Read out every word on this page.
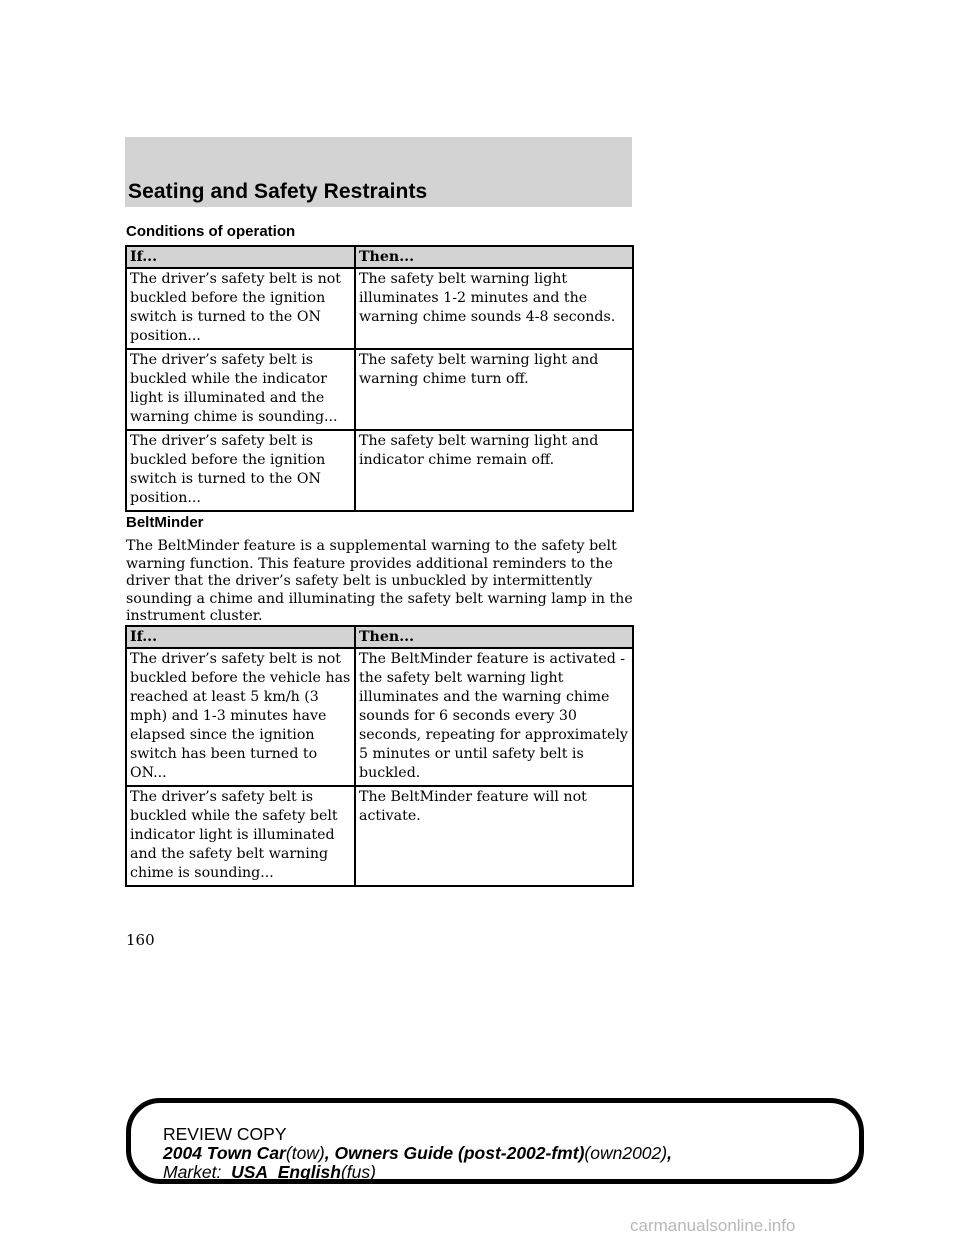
Seating and Safety Restraints
Conditions of operation
If...	Then...
The driver’s safety belt is not buckled before the ignition switch is turned to the ON position...	The safety belt warning light illuminates 1-2 minutes and the warning chime sounds 4-8 seconds.
The driver’s safety belt is buckled while the indicator light is illuminated and the warning chime is sounding...	The safety belt warning light and warning chime turn off.
The driver’s safety belt is buckled before the ignition switch is turned to the ON position...	The safety belt warning light and indicator chime remain off.
BeltMinder
The BeltMinder feature is a supplemental warning to the safety belt warning function. This feature provides additional reminders to the driver that the driver’s safety belt is unbuckled by intermittently sounding a chime and illuminating the safety belt warning lamp in the instrument cluster.
If...	Then...
The driver’s safety belt is not buckled before the vehicle has reached at least 5 km/h (3 mph) and 1-3 minutes have elapsed since the ignition switch has been turned to ON...	The BeltMinder feature is activated - the safety belt warning light illuminates and the warning chime sounds for 6 seconds every 30 seconds, repeating for approximately 5 minutes or until safety belt is buckled.
The driver’s safety belt is buckled while the safety belt indicator light is illuminated and the safety belt warning chime is sounding...	The BeltMinder feature will not activate.
160
REVIEW COPY
2004 Town Car(tow), Owners Guide (post-2002-fmt)(own2002),
Market:  USA_English(fus)
carmanualsonline.info
